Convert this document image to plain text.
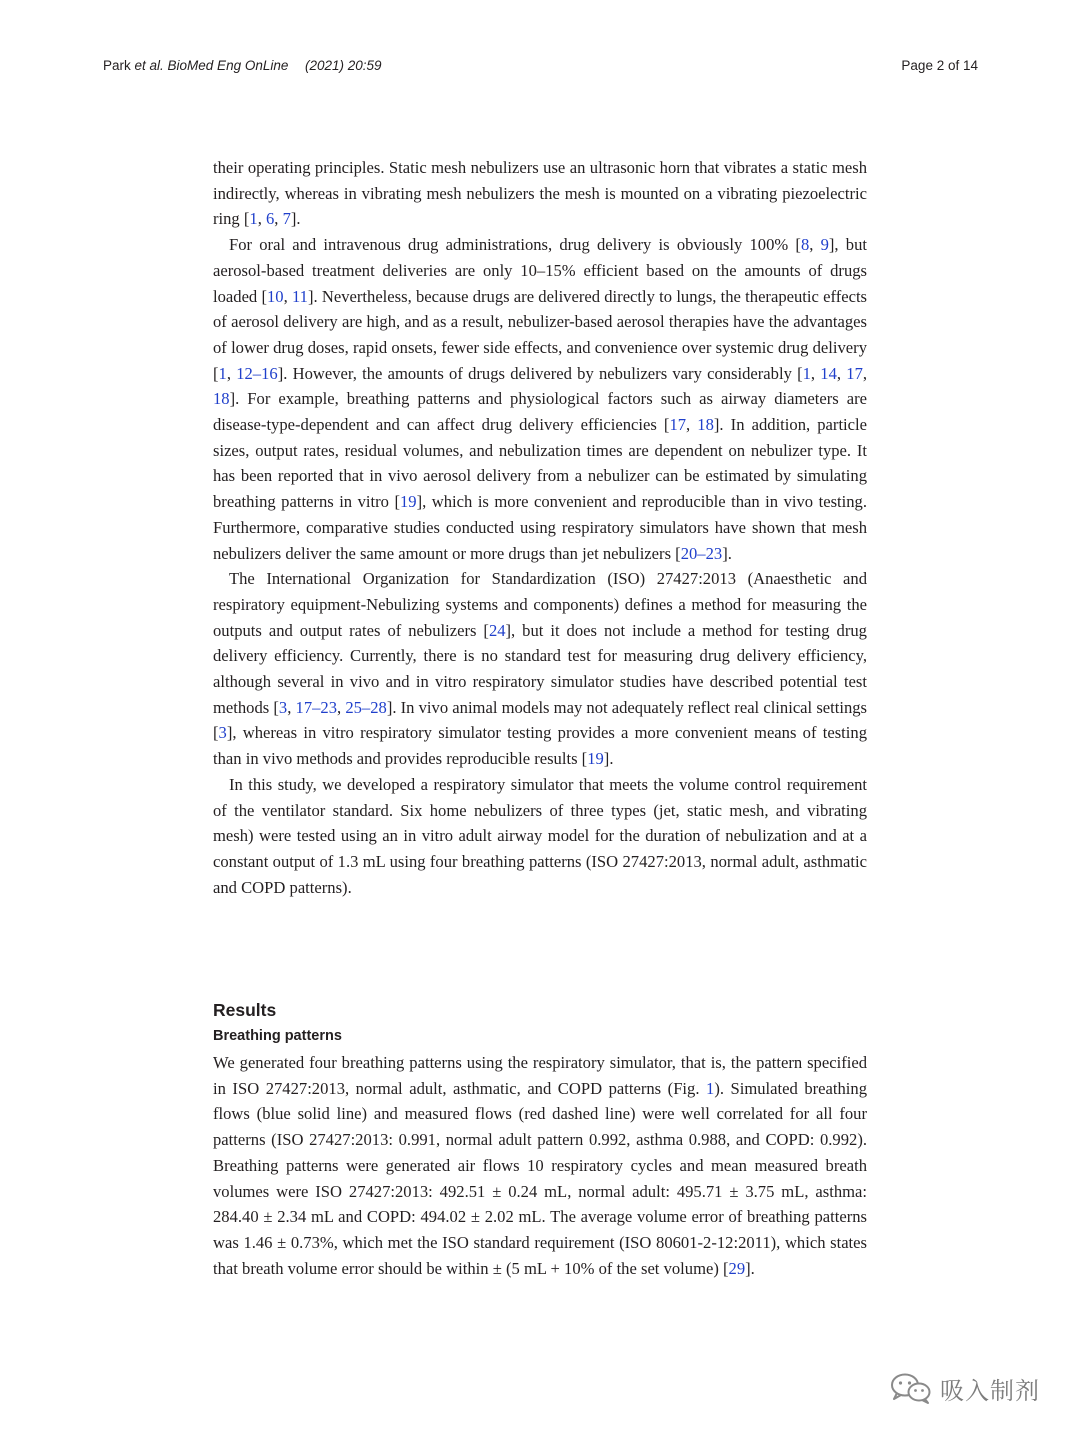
Park et al. BioMed Eng OnLine (2021) 20:59	Page 2 of 14

their operating principles. Static mesh nebulizers use an ultrasonic horn that vibrates a static mesh indirectly, whereas in vibrating mesh nebulizers the mesh is mounted on a vibrating piezoelectric ring [1, 6, 7].

For oral and intravenous drug administrations, drug delivery is obviously 100% [8, 9], but aerosol-based treatment deliveries are only 10–15% efficient based on the amounts of drugs loaded [10, 11]. Nevertheless, because drugs are delivered directly to lungs, the therapeutic effects of aerosol delivery are high, and as a result, nebulizer-based aerosol therapies have the advantages of lower drug doses, rapid onsets, fewer side effects, and convenience over systemic drug delivery [1, 12–16]. However, the amounts of drugs delivered by nebulizers vary considerably [1, 14, 17, 18]. For example, breathing patterns and physiological factors such as airway diameters are disease-type-dependent and can affect drug delivery efficiencies [17, 18]. In addition, particle sizes, output rates, residual volumes, and nebulization times are dependent on nebulizer type. It has been reported that in vivo aerosol delivery from a nebulizer can be estimated by simulating breathing patterns in vitro [19], which is more convenient and reproducible than in vivo testing. Furthermore, comparative studies conducted using respiratory simulators have shown that mesh nebulizers deliver the same amount or more drugs than jet nebulizers [20–23].

The International Organization for Standardization (ISO) 27427:2013 (Anaesthetic and respiratory equipment-Nebulizing systems and components) defines a method for measuring the outputs and output rates of nebulizers [24], but it does not include a method for testing drug delivery efficiency. Currently, there is no standard test for measuring drug delivery efficiency, although several in vivo and in vitro respiratory simulator studies have described potential test methods [3, 17–23, 25–28]. In vivo animal models may not adequately reflect real clinical settings [3], whereas in vitro respiratory simulator testing provides a more convenient means of testing than in vivo methods and provides reproducible results [19].

In this study, we developed a respiratory simulator that meets the volume control requirement of the ventilator standard. Six home nebulizers of three types (jet, static mesh, and vibrating mesh) were tested using an in vitro adult airway model for the duration of nebulization and at a constant output of 1.3 mL using four breathing patterns (ISO 27427:2013, normal adult, asthmatic and COPD patterns).

Results
Breathing patterns

We generated four breathing patterns using the respiratory simulator, that is, the pattern specified in ISO 27427:2013, normal adult, asthmatic, and COPD patterns (Fig. 1). Simulated breathing flows (blue solid line) and measured flows (red dashed line) were well correlated for all four patterns (ISO 27427:2013: 0.991, normal adult pattern 0.992, asthma 0.988, and COPD: 0.992). Breathing patterns were generated air flows 10 respiratory cycles and mean measured breath volumes were ISO 27427:2013: 492.51 ± 0.24 mL, normal adult: 495.71 ± 3.75 mL, asthma: 284.40 ± 2.34 mL and COPD: 494.02 ± 2.02 mL. The average volume error of breathing patterns was 1.46 ± 0.73%, which met the ISO standard requirement (ISO 80601-2-12:2011), which states that breath volume error should be within ± (5 mL + 10% of the set volume) [29].

吸入制剂
